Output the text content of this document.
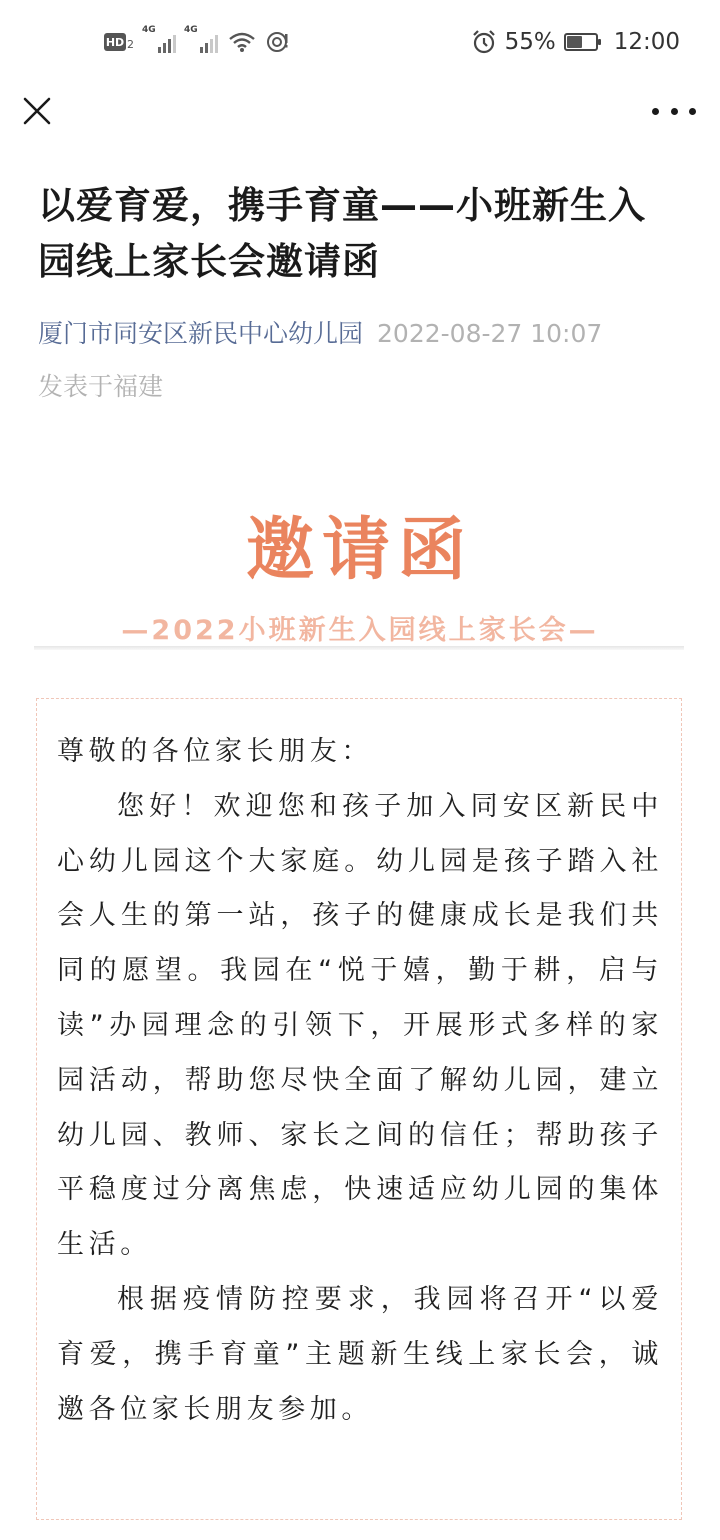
HD 2
4G	4G	55%	12:00
以爱育爱，携手育童——小班新生入园线上家长会邀请函
厦门市同安区新民中心幼儿园 2022-08-27 10:07
发表于福建
邀请函
—2022小班新生入园线上家长会—

尊敬的各位家长朋友：

您好！欢迎您和孩子加入同安区新民中心幼儿园这个大家庭。幼儿园是孩子踏入社会人生的第一站，孩子的健康成长是我们共同的愿望。我园在“悦于嬉，勤于耕，启与读”办园理念的引领下，开展形式多样的家园活动，帮助您尽快全面了解幼儿园，建立幼儿园、教师、家长之间的信任；帮助孩子平稳度过分离焦虑，快速适应幼儿园的集体生活。

根据疫情防控要求，我园将召开“以爱育爱，携手育童”主题新生线上家长会，诚邀各位家长朋友参加。
